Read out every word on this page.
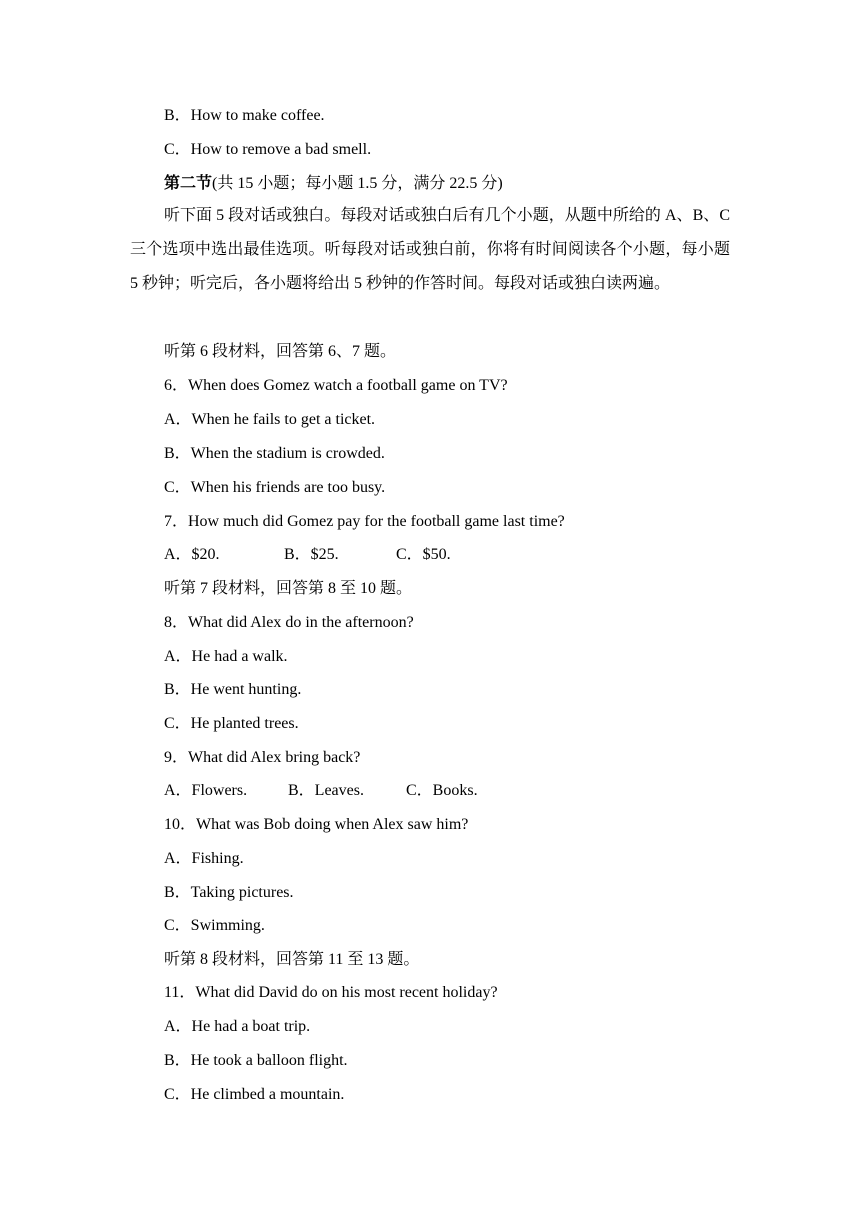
B．How to make coffee.
C．How to remove a bad smell.
第二节(共 15 小题；每小题 1.5 分，满分 22.5 分)
听下面 5 段对话或独白。每段对话或独白后有几个小题，从题中所给的 A、B、C 三个选项中选出最佳选项。听每段对话或独白前，你将有时间阅读各个小题，每小题 5 秒钟；听完后，各小题将给出 5 秒钟的作答时间。每段对话或独白读两遍。
听第 6 段材料，回答第 6、7 题。
6．When does Gomez watch a football game on TV?
A．When he fails to get a ticket.
B．When the stadium is crowded.
C．When his friends are too busy.
7．How much did Gomez pay for the football game last time?
A．$20.	B．$25.	C．$50.
听第 7 段材料，回答第 8 至 10 题。
8．What did Alex do in the afternoon?
A．He had a walk.
B．He went hunting.
C．He planted trees.
9．What did Alex bring back?
A．Flowers.	B．Leaves.	C．Books.
10．What was Bob doing when Alex saw him?
A．Fishing.
B．Taking pictures.
C．Swimming.
听第 8 段材料，回答第 11 至 13 题。
11．What did David do on his most recent holiday?
A．He had a boat trip.
B．He took a balloon flight.
C．He climbed a mountain.
